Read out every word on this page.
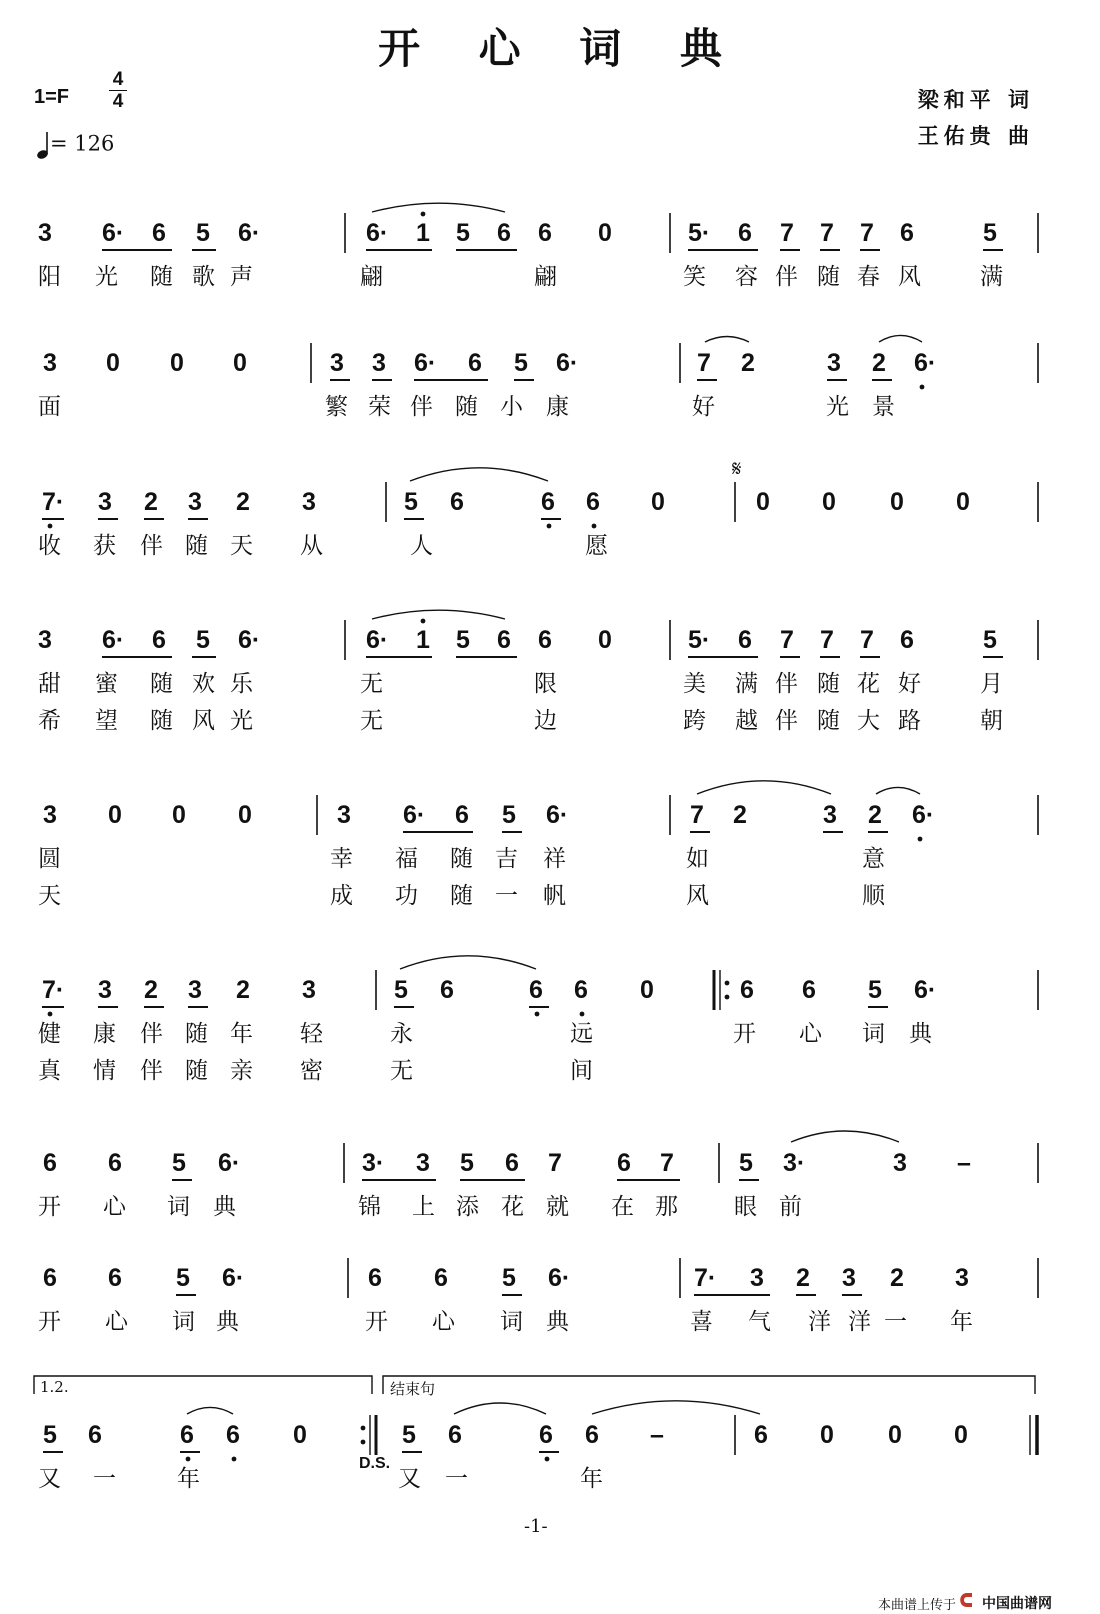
开 心 词 典
1=F
4
4
= 126
梁和平 词
王佑贵 曲
3 6· 6 5 6·	6· 1 5 6 6 0	5· 6 7 7 7 6	5
阳 光 随 歌 声	翩	翩	笑 容 伴 随 春 风	满
3 0 0 0	3 3 6· 6 5 6·	7 2	3 2 6·
面	繁 荣 伴 随 小 康	好	光 景
7· 3 2 3 2 3	5 6	6 6 0	0 0 0 0
𝄋
收 获 伴 随 天 从	人	愿
3 6· 6 5 6·	6· 1 5 6 6 0	5· 6 7 7 7 6	5
甜 蜜 随 欢 乐	无	限	美 满 伴 随 花 好	月
希 望 随 风 光	无	边	跨 越 伴 随 大 路	朝
3 0 0 0	3 6· 6 5 6·	7 2	3 2 6·
圆	幸 福 随 吉 祥	如	意
天	成 功 随 一 帆	风	顺
7· 3 2 3 2 3	5 6	6 6 0	6 6 5 6·
健 康 伴 随 年 轻	永	远	开 心 词 典
真 情 伴 随 亲 密	无	间
6 6 5 6·	3· 3 5 6 7 6 7	5 3·	3 –
开 心 词 典	锦 上 添 花 就 在 那 眼 前
6 6 5 6·	6 6 5 6·	7· 3 2 3 2 3
开 心 词 典	开 心 词 典	喜 气 洋 洋 一 年
5 6	6 6 0	5 6	6 6 –	6 0 0 0
又 一	年	又 一	年
1.2.	结束句
D.S.
-1-
本曲谱上传于 中国曲谱网
